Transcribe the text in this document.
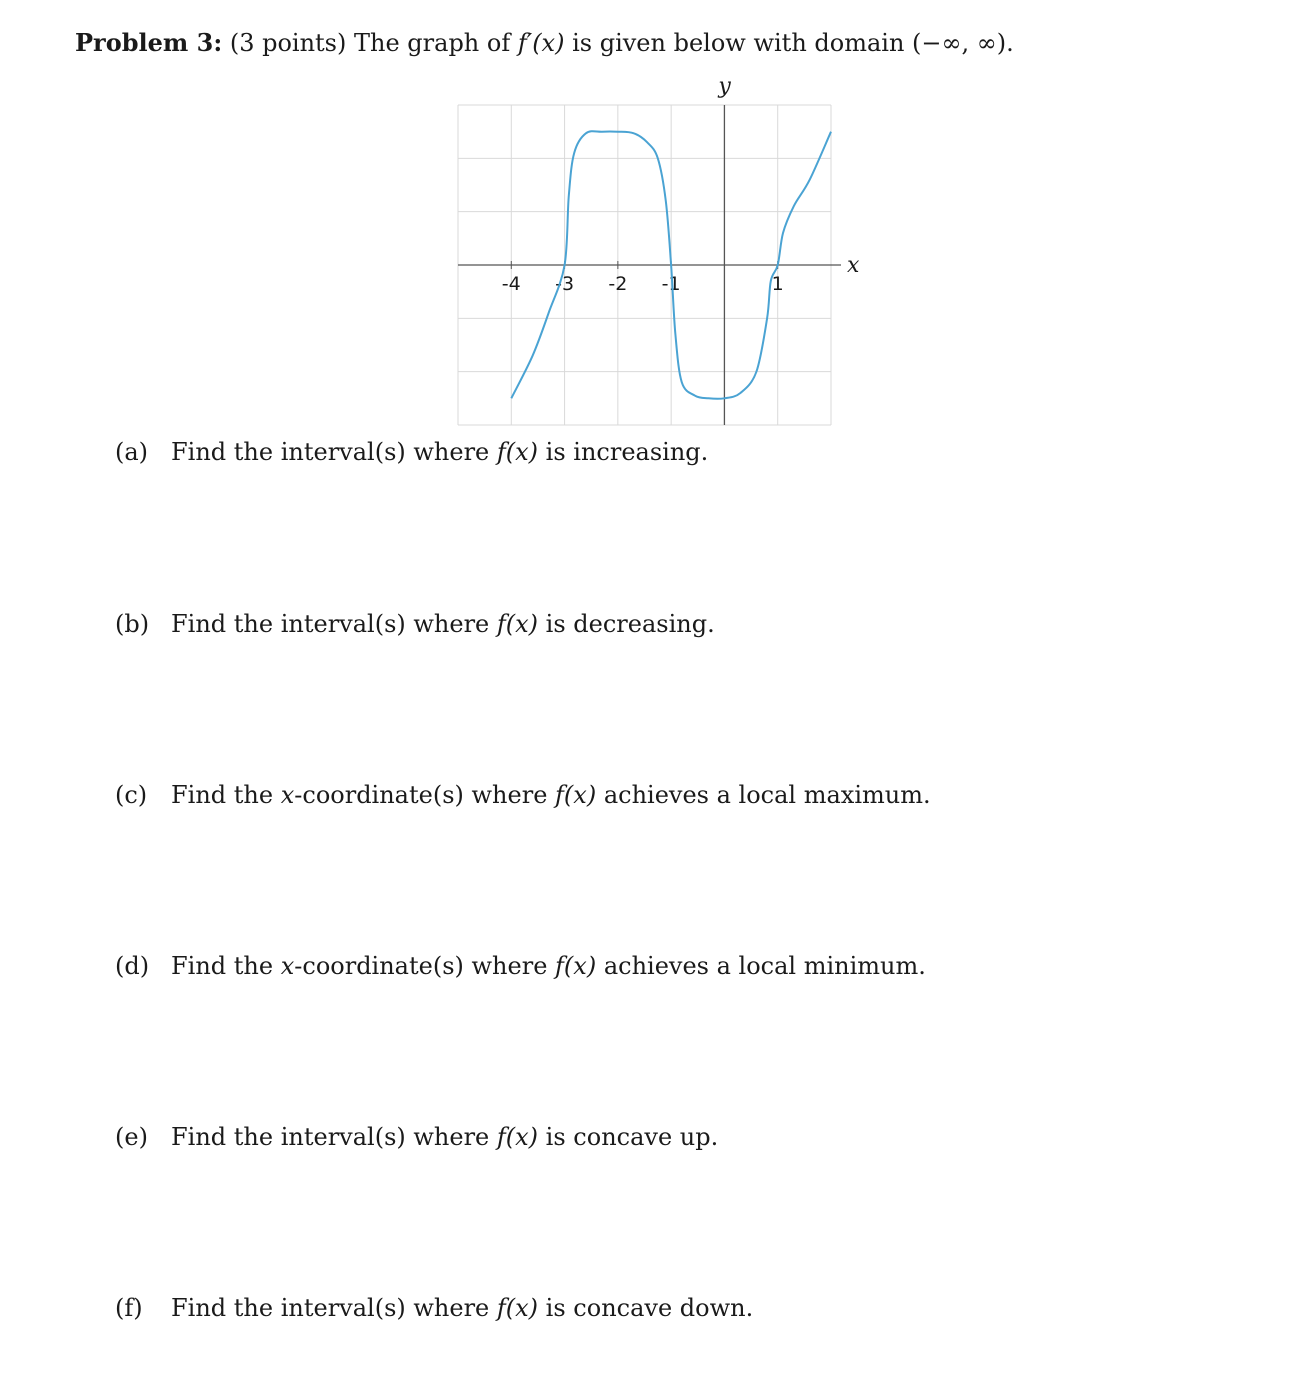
Problem 3: (3 points) The graph of f′(x) is given below with domain (−∞, ∞).
-4 -3 -2 -1	1
x
y
(a) Find the interval(s) where f(x) is increasing.
(b) Find the interval(s) where f(x) is decreasing.
(c) Find the x-coordinate(s) where f(x) achieves a local maximum.
(d) Find the x-coordinate(s) where f(x) achieves a local minimum.
(e) Find the interval(s) where f(x) is concave up.
(f) Find the interval(s) where f(x) is concave down.
